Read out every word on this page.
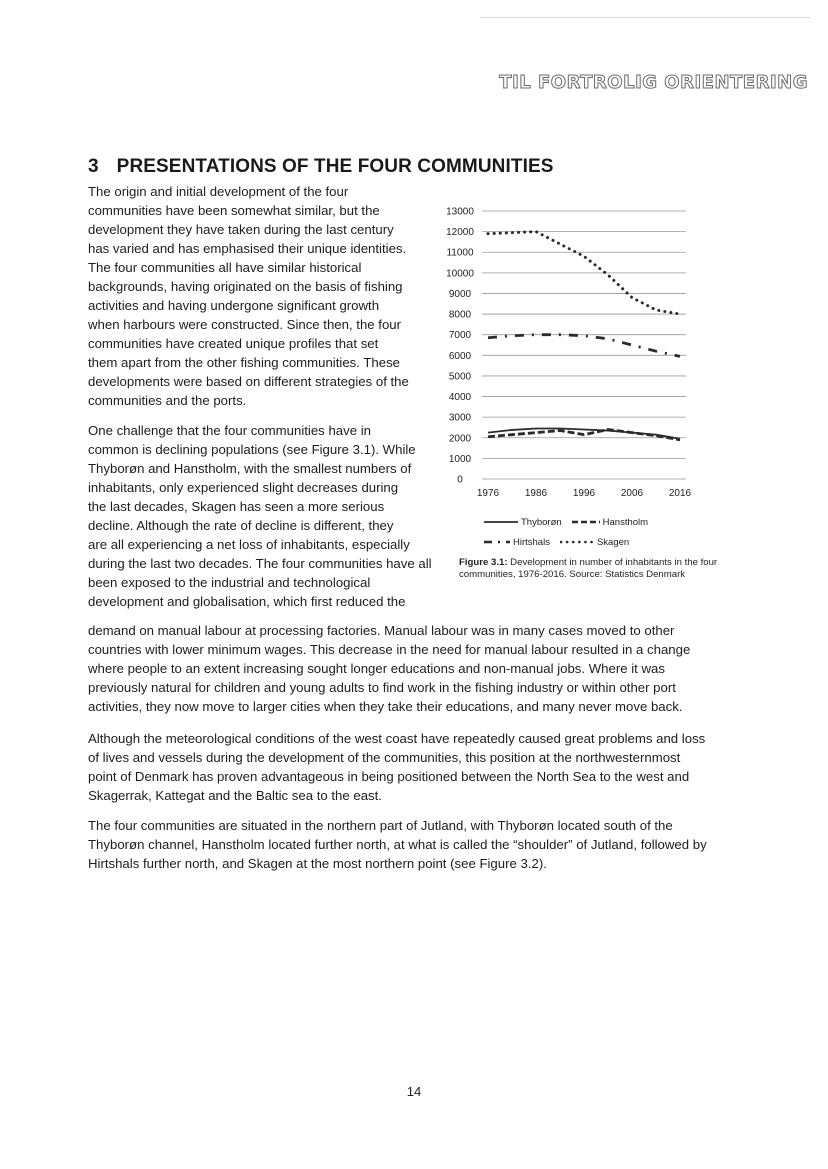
TIL FORTROLIG ORIENTERING
3 PRESENTATIONS OF THE FOUR COMMUNITIES

The origin and initial development of the four
communities have been somewhat similar, but the
development they have taken during the last century
has varied and has emphasised their unique identities.
The four communities all have similar historical
backgrounds, having originated on the basis of fishing
activities and having undergone significant growth
when harbours were constructed. Since then, the four
communities have created unique profiles that set
them apart from the other fishing communities. These
developments were based on different strategies of the
communities and the ports.

One challenge that the four communities have in
common is declining populations (see Figure 3.1). While
Thyborøn and Hanstholm, with the smallest numbers of
inhabitants, only experienced slight decreases during
the last decades, Skagen has seen a more serious
decline. Although the rate of decline is different, they
are all experiencing a net loss of inhabitants, especially
during the last two decades. The four communities have all
been exposed to the industrial and technological
development and globalisation, which first reduced the

demand on manual labour at processing factories. Manual labour was in many cases moved to other
countries with lower minimum wages. This decrease in the need for manual labour resulted in a change
where people to an extent increasing sought longer educations and non-manual jobs. Where it was
previously natural for children and young adults to find work in the fishing industry or within other port
activities, they now move to larger cities when they take their educations, and many never move back.

Although the meteorological conditions of the west coast have repeatedly caused great problems and loss
of lives and vessels during the development of the communities, this position at the northwesternmost
point of Denmark has proven advantageous in being positioned between the North Sea to the west and
Skagerrak, Kattegat and the Baltic sea to the east.

The four communities are situated in the northern part of Jutland, with Thyborøn located south of the
Thyborøn channel, Hanstholm located further north, at what is called the “shoulder” of Jutland, followed by
Hirtshals further north, and Skagen at the most northern point (see Figure 3.2).

0
1000
2000
3000
4000
5000
6000
7000
8000
9000
10000
11000
12000
13000
1976	1986	1996	2006	2016
Thyborøn	Hanstholm
Hirtshals	Skagen
Figure 3.1: Development in number of inhabitants in the four communities, 1976-2016. Source: Statistics Denmark
14
